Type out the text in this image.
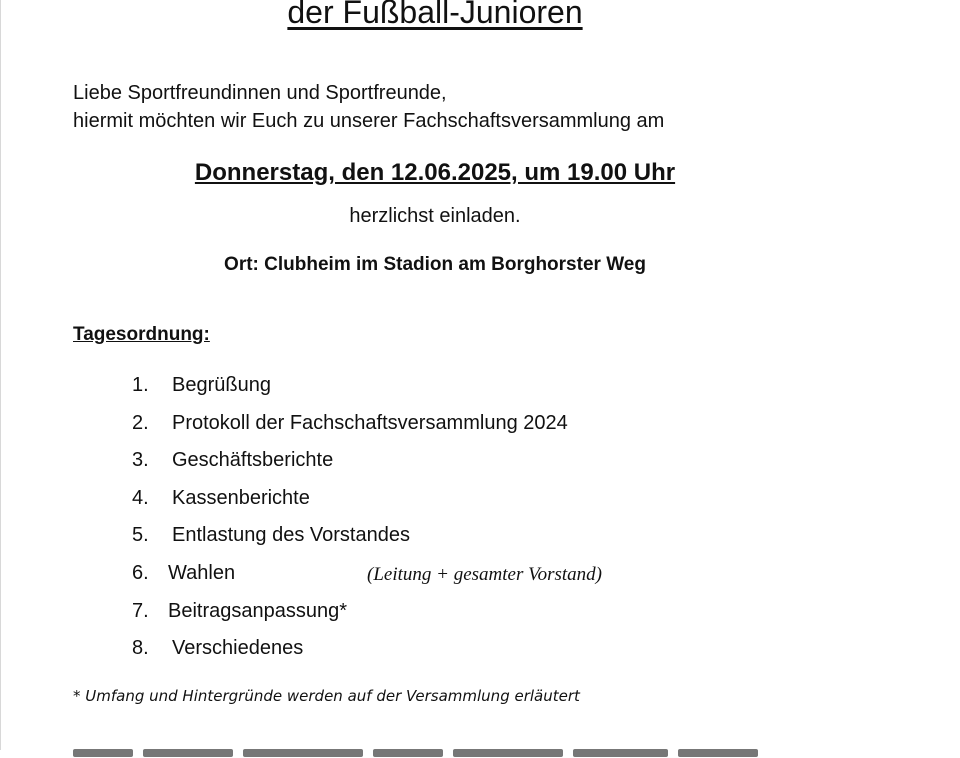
der Fußball-Junioren
Liebe Sportfreundinnen und Sportfreunde,
hiermit möchten wir Euch zu unserer Fachschaftsversammlung am
Donnerstag, den 12.06.2025, um 19.00 Uhr
herzlichst einladen.
Ort: Clubheim im Stadion am Borghorster Weg
Tagesordnung:
1. Begrüßung
2. Protokoll der Fachschaftsversammlung 2024
3. Geschäftsberichte
4. Kassenberichte
5. Entlastung des Vorstandes
6. Wahlen	(Leitung + gesamter Vorstand)
7. Beitragsanpassung*
8. Verschiedenes
* Umfang und Hintergründe werden auf der Versammlung erläutert
